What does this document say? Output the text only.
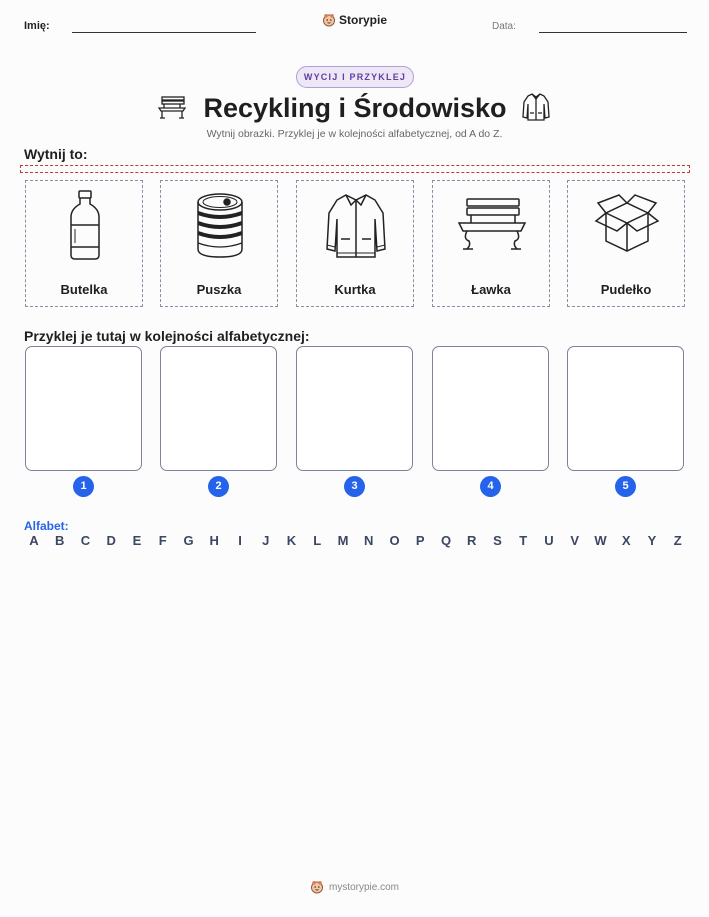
Imię:	Storypie	Data:
WYCIJ I PRZYKLEJ
Recykling i Środowisko
Wytnij obrazki. Przyklej je w kolejności alfabetycznej, od A do Z.
Wytnij to:
Butelka	Puszka	Kurtka	Ławka	Pudełko
Przyklej je tutaj w kolejności alfabetycznej:
1	2	3	4	5
Alfabet:
A B C D E	F	G H	I	J	K	L	M N O P Q R S	T	U V W X Y	Z
mystorypie.com
